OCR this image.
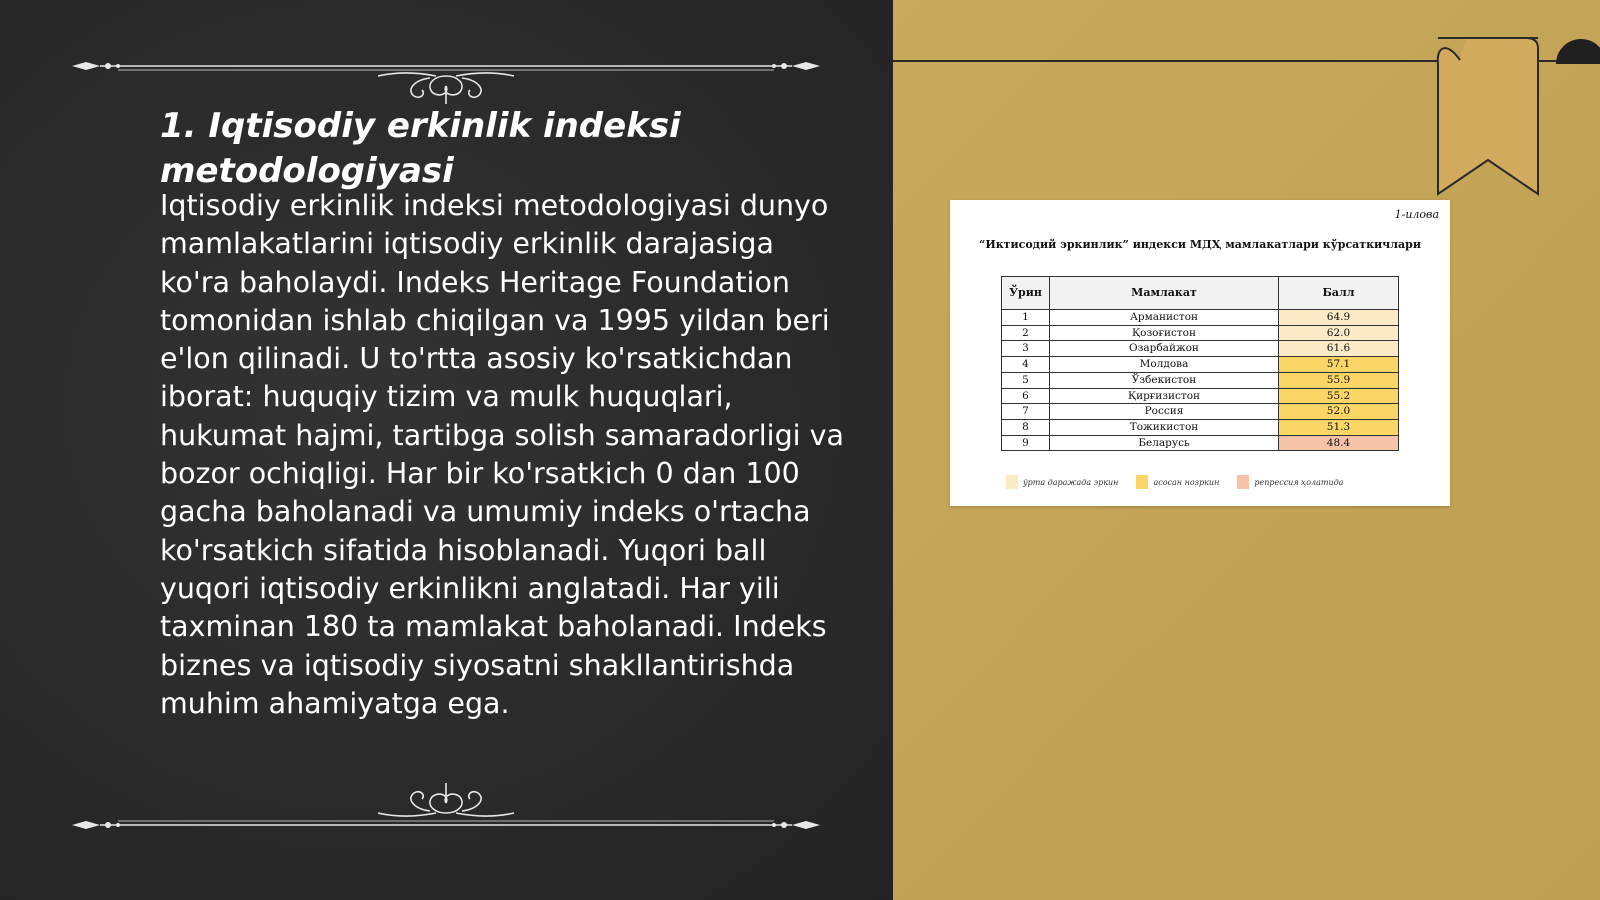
1. Iqtisodiy erkinlik indeksi metodologiyasi

Iqtisodiy erkinlik indeksi metodologiyasi dunyo mamlakatlarini iqtisodiy erkinlik darajasiga ko'ra baholaydi. Indeks Heritage Foundation tomonidan ishlab chiqilgan va 1995 yildan beri e'lon qilinadi. U to'rtta asosiy ko'rsatkichdan iborat: huquqiy tizim va mulk huquqlari, hukumat hajmi, tartibga solish samaradorligi va bozor ochiqligi. Har bir ko'rsatkich 0 dan 100 gacha baholanadi va umumiy indeks o'rtacha ko'rsatkich sifatida hisoblanadi. Yuqori ball yuqori iqtisodiy erkinlikni anglatadi. Har yili taxminan 180 ta mamlakat baholanadi. Indeks biznes va iqtisodiy siyosatni shakllantirishda muhim ahamiyatga ega.

1-илова
“Иктисодий эркинлик” индекси МДҲ мамлакатлари кўрсаткичлари
Ўрин	Мамлакат	Балл
1	Арманистон	64.9
2	Қозоғистон	62.0
3	Озарбайжон	61.6
4	Молдова	57.1
5	Ўзбекистон	55.9
6	Қирғизистон	55.2
7	Россия	52.0
8	Тожикистон	51.3
9	Беларусь	48.4
ўрта даражада эркин	асосан нозркин	репрессия ҳолатида
